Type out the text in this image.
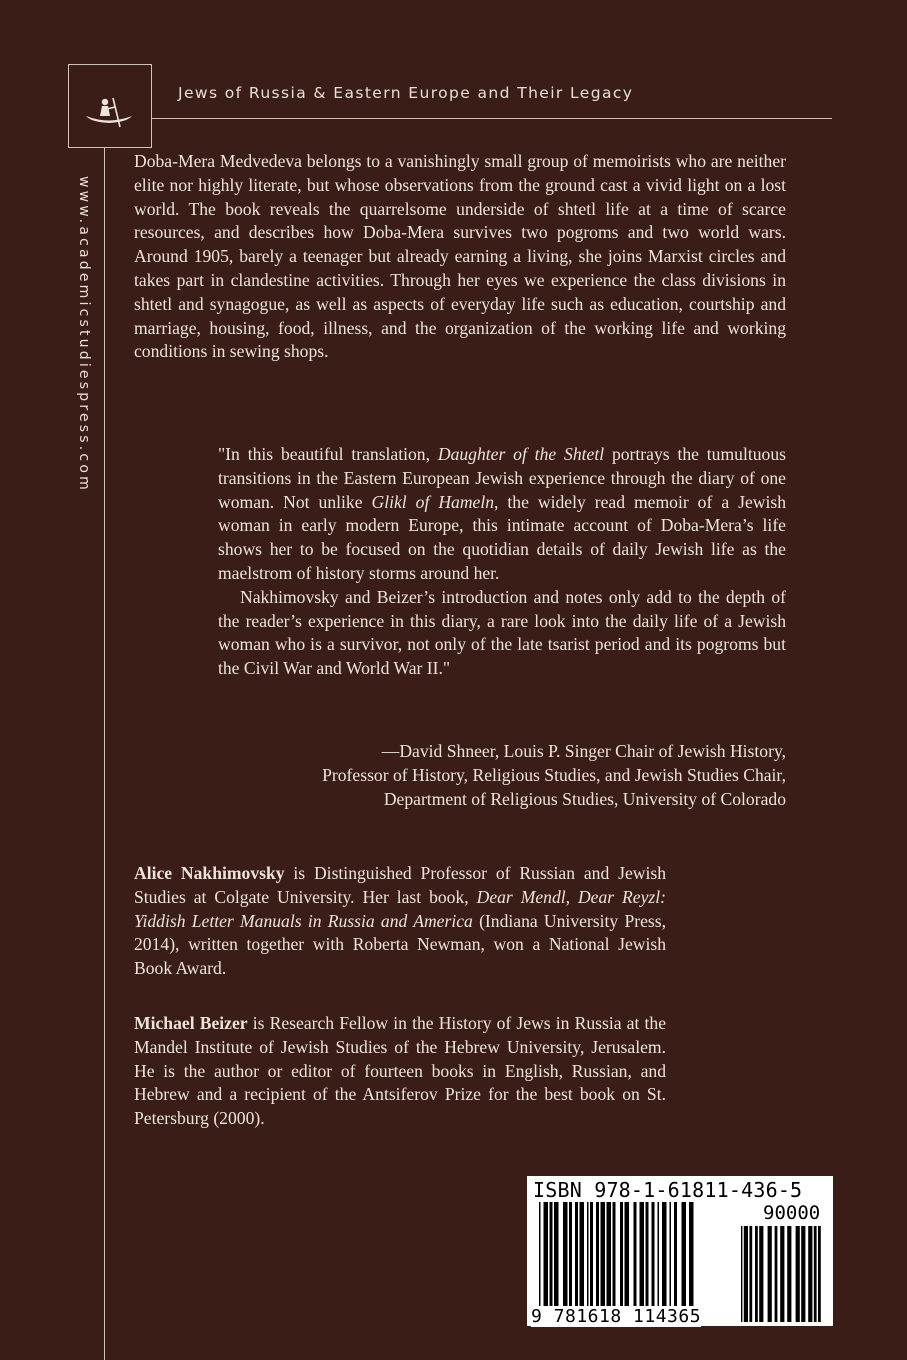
Jews of Russia & Eastern Europe and Their Legacy
www.academicstudiespress.com
Doba-Mera Medvedeva belongs to a vanishingly small group of memoirists who are neither elite nor highly literate, but whose observations from the ground cast a vivid light on a lost world. The book reveals the quarrelsome underside of shtetl life at a time of scarce resources, and describes how Doba-Mera survives two pogroms and two world wars. Around 1905, barely a teenager but already earning a living, she joins Marxist circles and takes part in clandestine activities. Through her eyes we experience the class divisions in shtetl and synagogue, as well as aspects of everyday life such as education, courtship and marriage, housing, food, illness, and the organization of the working life and working conditions in sewing shops.

"In this beautiful translation, Daughter of the Shtetl portrays the tumultuous transitions in the Eastern European Jewish experience through the diary of one woman. Not unlike Glikl of Hameln, the widely read memoir of a Jewish woman in early modern Europe, this intimate account of Doba-Mera’s life shows her to be focused on the quotidian details of daily Jewish life as the maelstrom of history storms around her.

Nakhimovsky and Beizer’s introduction and notes only add to the depth of the reader’s experience in this diary, a rare look into the daily life of a Jewish woman who is a survivor, not only of the late tsarist period and its pogroms but the Civil War and World War II."

—David Shneer, Louis P. Singer Chair of Jewish History,
Professor of History, Religious Studies, and Jewish Studies Chair,
Department of Religious Studies, University of Colorado
Alice Nakhimovsky is Distinguished Professor of Russian and Jewish Studies at Colgate University. Her last book, Dear Mendl, Dear Reyzl: Yiddish Letter Manuals in Russia and America (Indiana University Press, 2014), written together with Roberta Newman, won a National Jewish Book Award.
Michael Beizer is Research Fellow in the History of Jews in Russia at the Mandel Institute of Jewish Studies of the Hebrew University, Jerusalem. He is the author or editor of fourteen books in English, Russian, and Hebrew and a recipient of the Antsiferov Prize for the best book on St. Petersburg (2000).
ISBN 978-1-61811-436-5
90000
9 781618 114365
